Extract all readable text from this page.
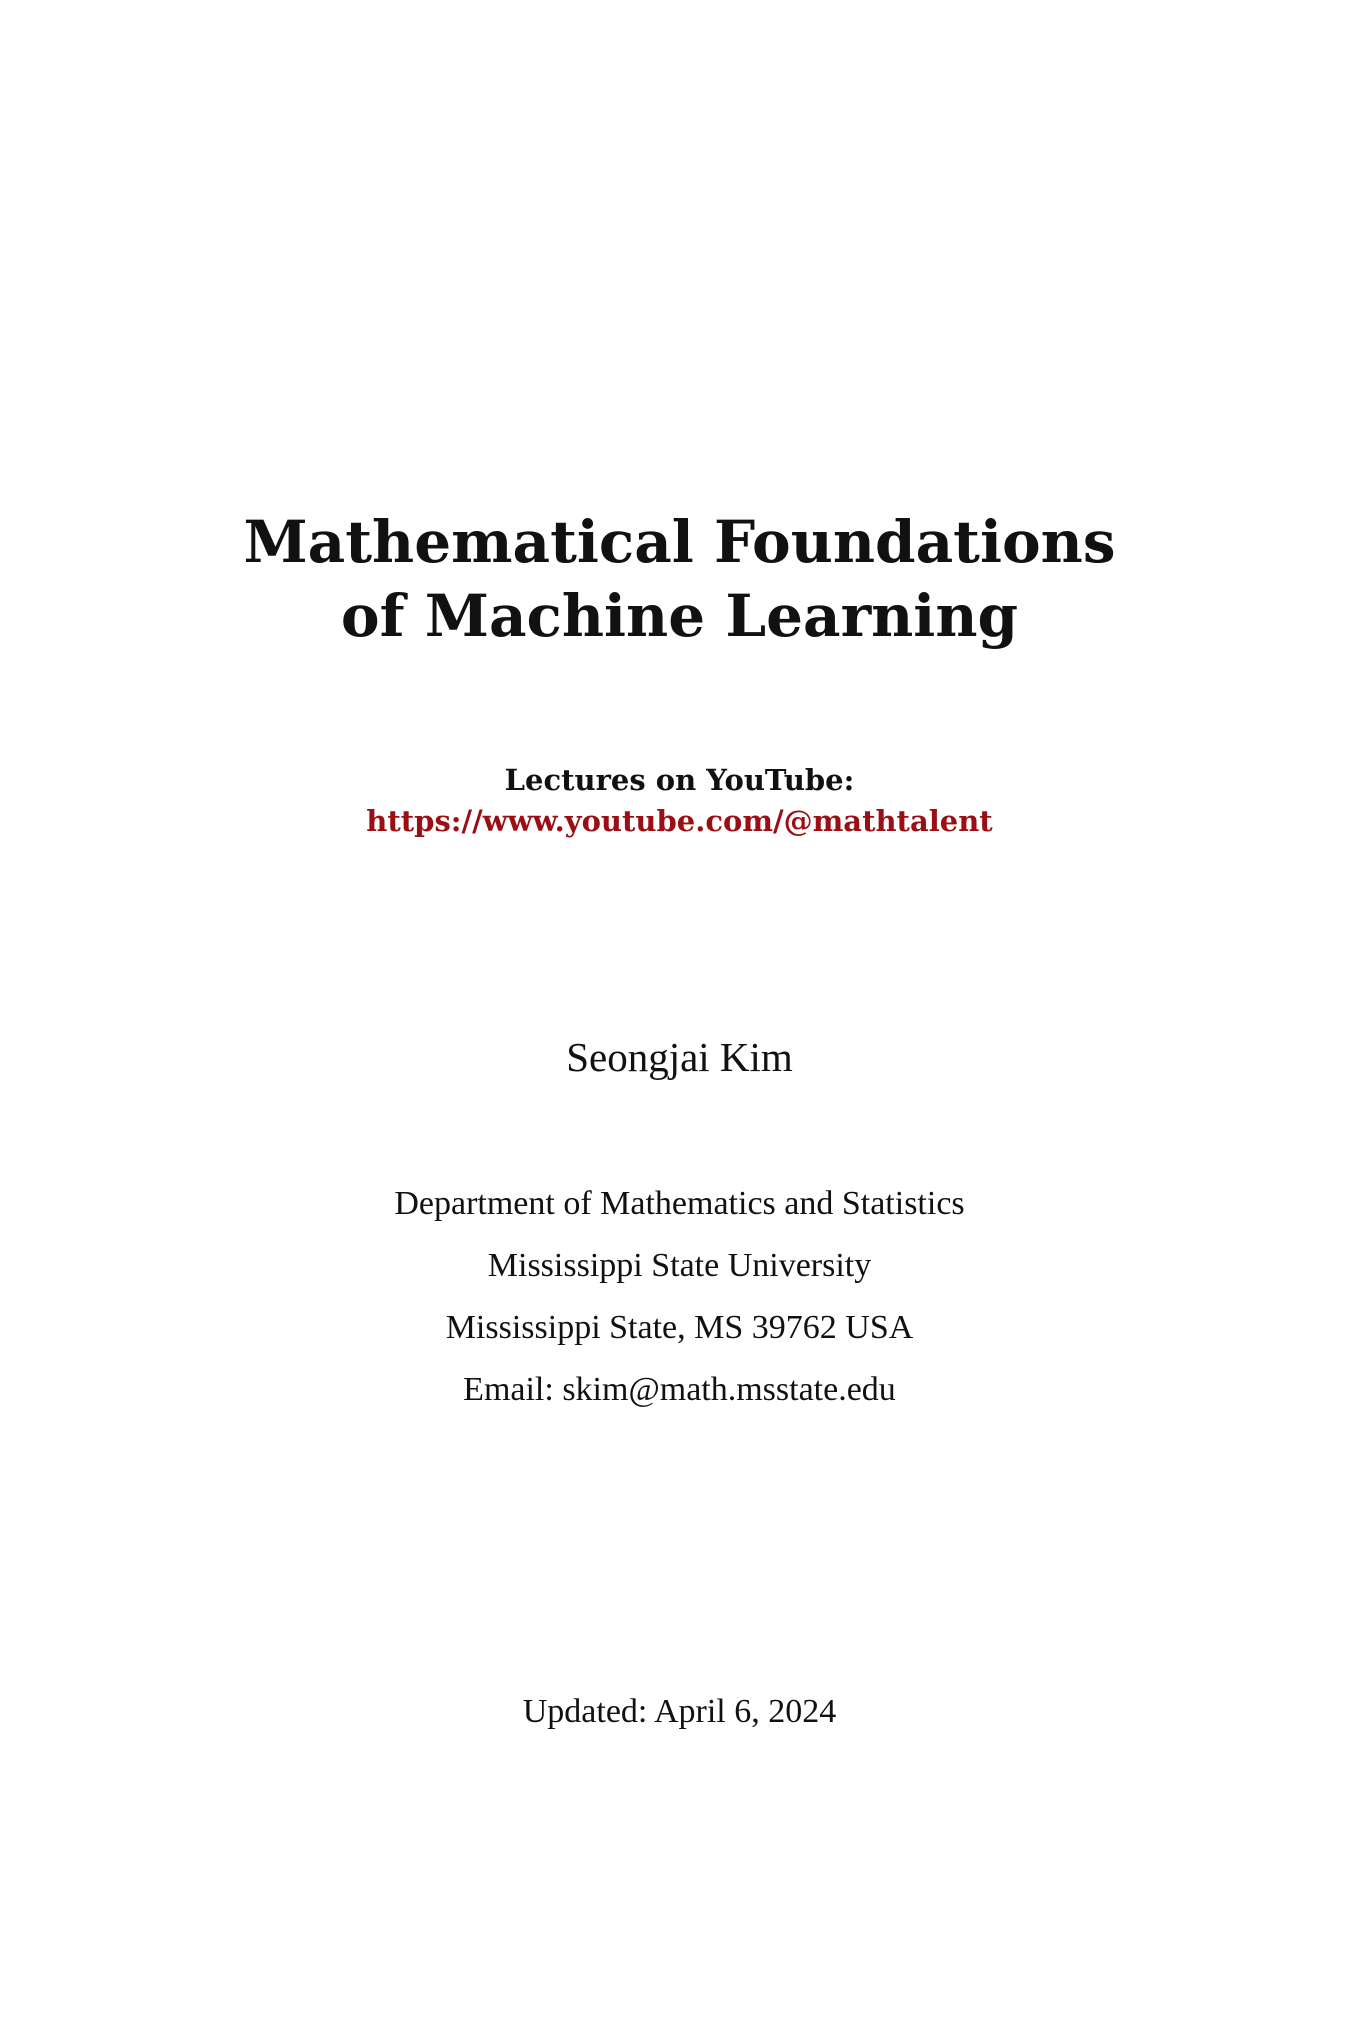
Mathematical Foundations
of Machine Learning
Lectures on YouTube:
https://www.youtube.com/@mathtalent
Seongjai Kim
Department of Mathematics and Statistics
Mississippi State University
Mississippi State, MS 39762 USA
Email: skim@math.msstate.edu
Updated: April 6, 2024
